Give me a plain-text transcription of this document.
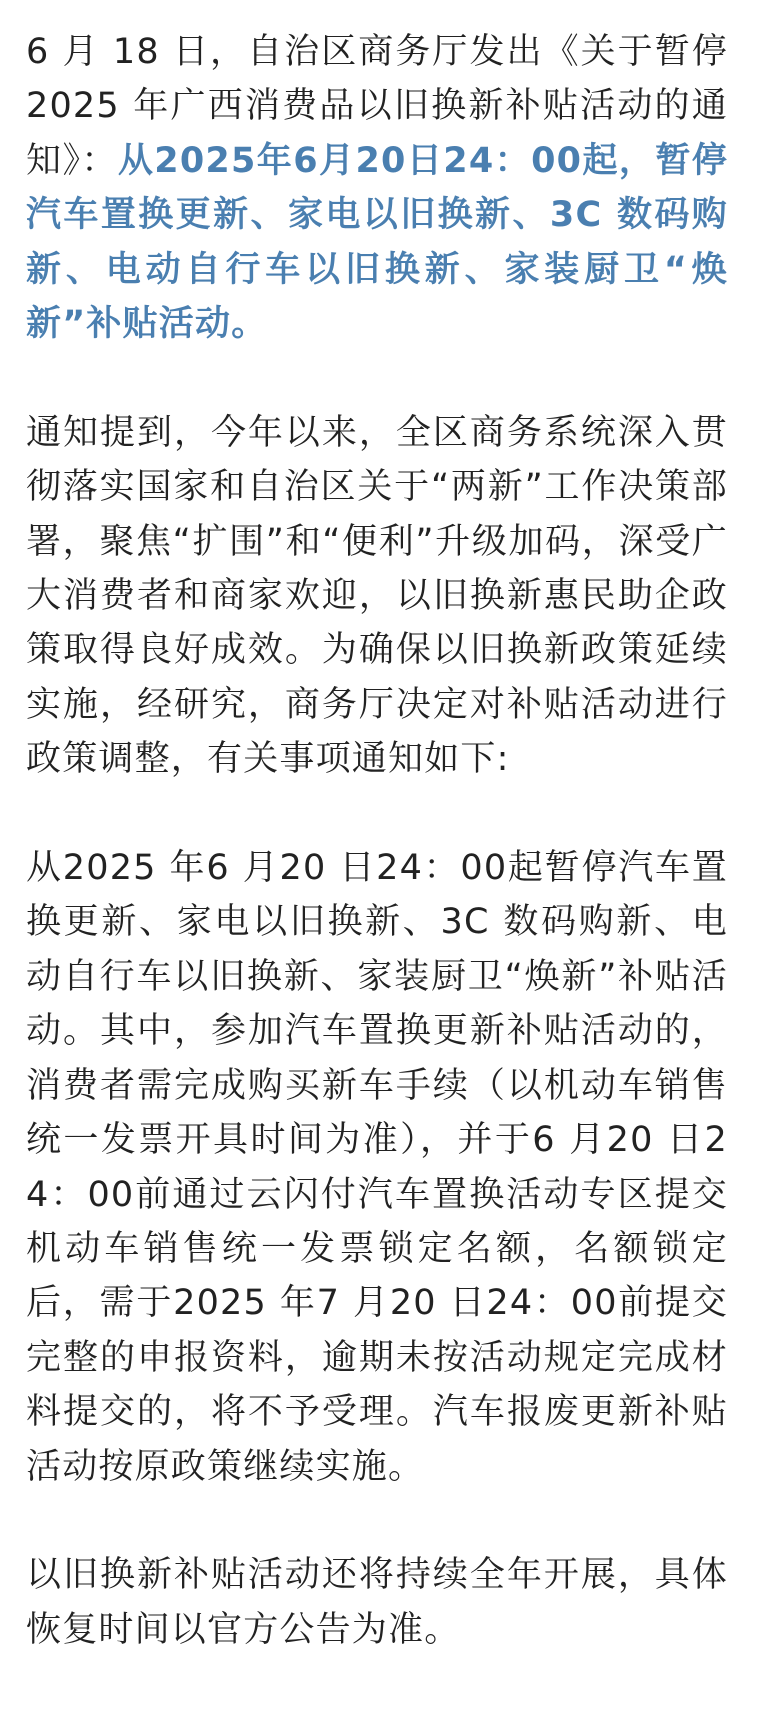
6 月 18 日，自治区商务厅发出《关于暂停 2025 年广西消费品以旧换新补贴活动的通知》：从2025年6月20日24：00起，暂停汽车置换更新、家电以旧换新、3C 数码购新、电动自行车以旧换新、家装厨卫“焕新”补贴活动。

通知提到，今年以来，全区商务系统深入贯彻落实国家和自治区关于“两新”工作决策部署，聚焦“扩围”和“便利”升级加码，深受广大消费者和商家欢迎，以旧换新惠民助企政策取得良好成效。为确保以旧换新政策延续实施，经研究，商务厅决定对补贴活动进行政策调整，有关事项通知如下:

从2025 年6 月20 日24：00起暂停汽车置换更新、家电以旧换新、3C 数码购新、电动自行车以旧换新、家装厨卫“焕新”补贴活动。其中，参加汽车置换更新补贴活动的，消费者需完成购买新车手续（以机动车销售统一发票开具时间为准），并于6 月20 日24：00前通过云闪付汽车置换活动专区提交机动车销售统一发票锁定名额，名额锁定后，需于2025 年7 月20 日24：00前提交完整的申报资料，逾期未按活动规定完成材料提交的，将不予受理。汽车报废更新补贴活动按原政策继续实施。

以旧换新补贴活动还将持续全年开展，具体恢复时间以官方公告为准。
